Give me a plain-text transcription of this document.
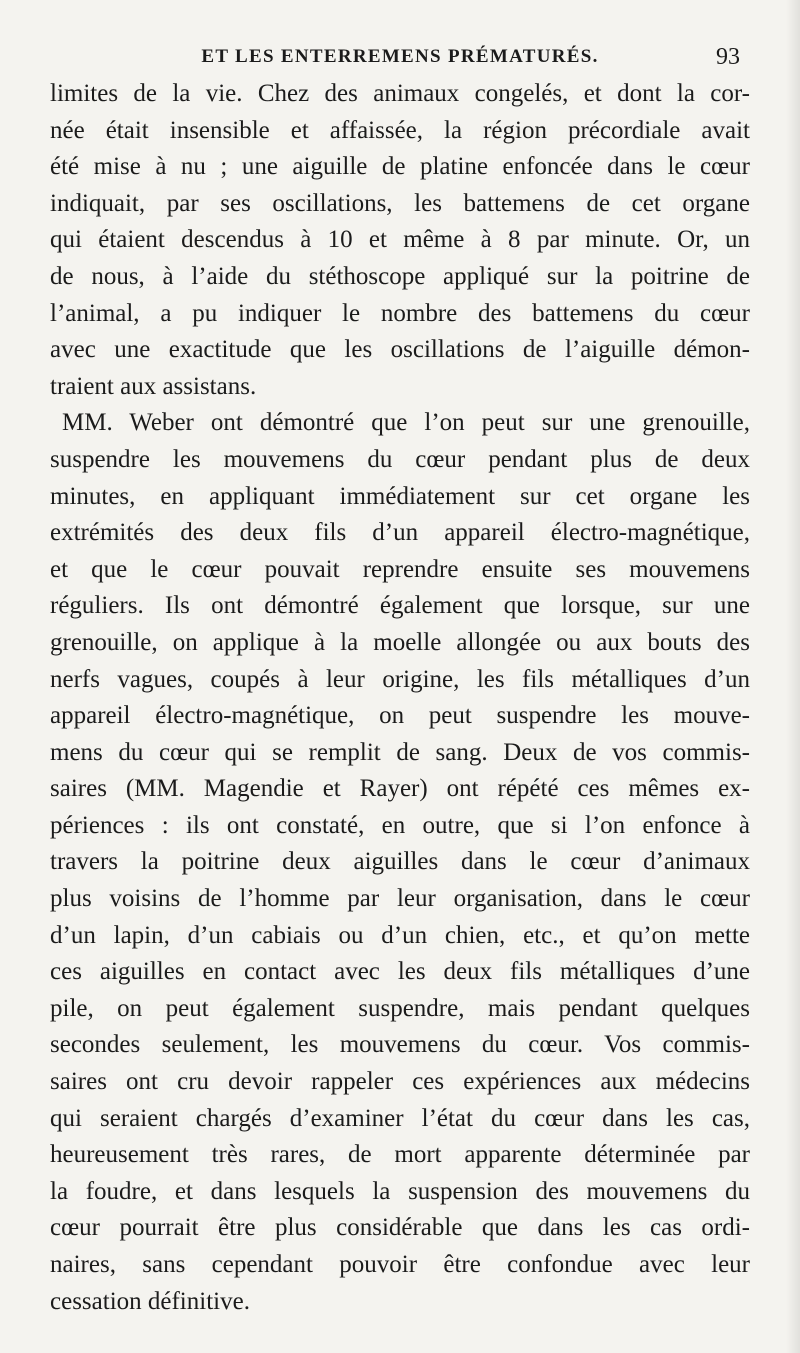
ET LES ENTERREMENS PRÉMATURÉS.	93
limites de la vie. Chez des animaux congelés, et dont la cor-
née était insensible et affaissée, la région précordiale avait
été mise à nu ; une aiguille de platine enfoncée dans le cœur
indiquait, par ses oscillations, les battemens de cet organe
qui étaient descendus à 10 et même à 8 par minute. Or, un
de nous, à l’aide du stéthoscope appliqué sur la poitrine de
l’animal, a pu indiquer le nombre des battemens du cœur
avec une exactitude que les oscillations de l’aiguille démon-
traient aux assistans.
MM. Weber ont démontré que l’on peut sur une grenouille,
suspendre les mouvemens du cœur pendant plus de deux
minutes, en appliquant immédiatement sur cet organe les
extrémités des deux fils d’un appareil électro-magnétique,
et que le cœur pouvait reprendre ensuite ses mouvemens
réguliers. Ils ont démontré également que lorsque, sur une
grenouille, on applique à la moelle allongée ou aux bouts des
nerfs vagues, coupés à leur origine, les fils métalliques d’un
appareil électro-magnétique, on peut suspendre les mouve-
mens du cœur qui se remplit de sang. Deux de vos commis-
saires (MM. Magendie et Rayer) ont répété ces mêmes ex-
périences : ils ont constaté, en outre, que si l’on enfonce à
travers la poitrine deux aiguilles dans le cœur d’animaux
plus voisins de l’homme par leur organisation, dans le cœur
d’un lapin, d’un cabiais ou d’un chien, etc., et qu’on mette
ces aiguilles en contact avec les deux fils métalliques d’une
pile, on peut également suspendre, mais pendant quelques
secondes seulement, les mouvemens du cœur. Vos commis-
saires ont cru devoir rappeler ces expériences aux médecins
qui seraient chargés d’examiner l’état du cœur dans les cas,
heureusement très rares, de mort apparente déterminée par
la foudre, et dans lesquels la suspension des mouvemens du
cœur pourrait être plus considérable que dans les cas ordi-
naires, sans cependant pouvoir être confondue avec leur
cessation définitive.
